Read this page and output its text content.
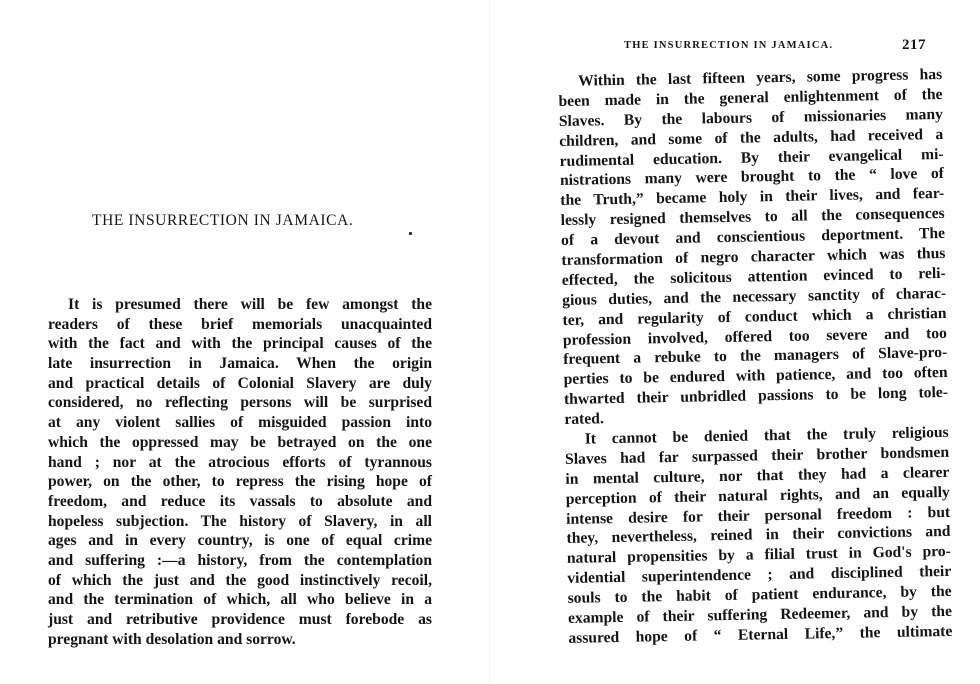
THE INSURRECTION IN JAMAICA.
It is presumed there will be few amongst the
readers of these brief memorials unacquainted
with the fact and with the principal causes of the
late insurrection in Jamaica. When the origin
and practical details of Colonial Slavery are duly
considered, no reflecting persons will be surprised
at any violent sallies of misguided passion into
which the oppressed may be betrayed on the one
hand ; nor at the atrocious efforts of tyrannous
power, on the other, to repress the rising hope of
freedom, and reduce its vassals to absolute and
hopeless subjection. The history of Slavery, in all
ages and in every country, is one of equal crime
and suffering :—a history, from the contemplation
of which the just and the good instinctively recoil,
and the termination of which, all who believe in a
just and retributive providence must forebode as
pregnant with desolation and sorrow.
THE INSURRECTION IN JAMAICA.	217
Within the last fifteen years, some progress has
been made in the general enlightenment of the
Slaves. By the labours of missionaries many
children, and some of the adults, had received a
rudimental education. By their evangelical mi-
nistrations many were brought to the “ love of
the Truth,” became holy in their lives, and fear-
lessly resigned themselves to all the consequences
of a devout and conscientious deportment. The
transformation of negro character which was thus
effected, the solicitous attention evinced to reli-
gious duties, and the necessary sanctity of charac-
ter, and regularity of conduct which a christian
profession involved, offered too severe and too
frequent a rebuke to the managers of Slave-pro-
perties to be endured with patience, and too often
thwarted their unbridled passions to be long tole-
rated.
It cannot be denied that the truly religious
Slaves had far surpassed their brother bondsmen
in mental culture, nor that they had a clearer
perception of their natural rights, and an equally
intense desire for their personal freedom : but
they, nevertheless, reined in their convictions and
natural propensities by a filial trust in God's pro-
vidential superintendence ; and disciplined their
souls to the habit of patient endurance, by the
example of their suffering Redeemer, and by the
assured hope of “ Eternal Life,” the ultimate
